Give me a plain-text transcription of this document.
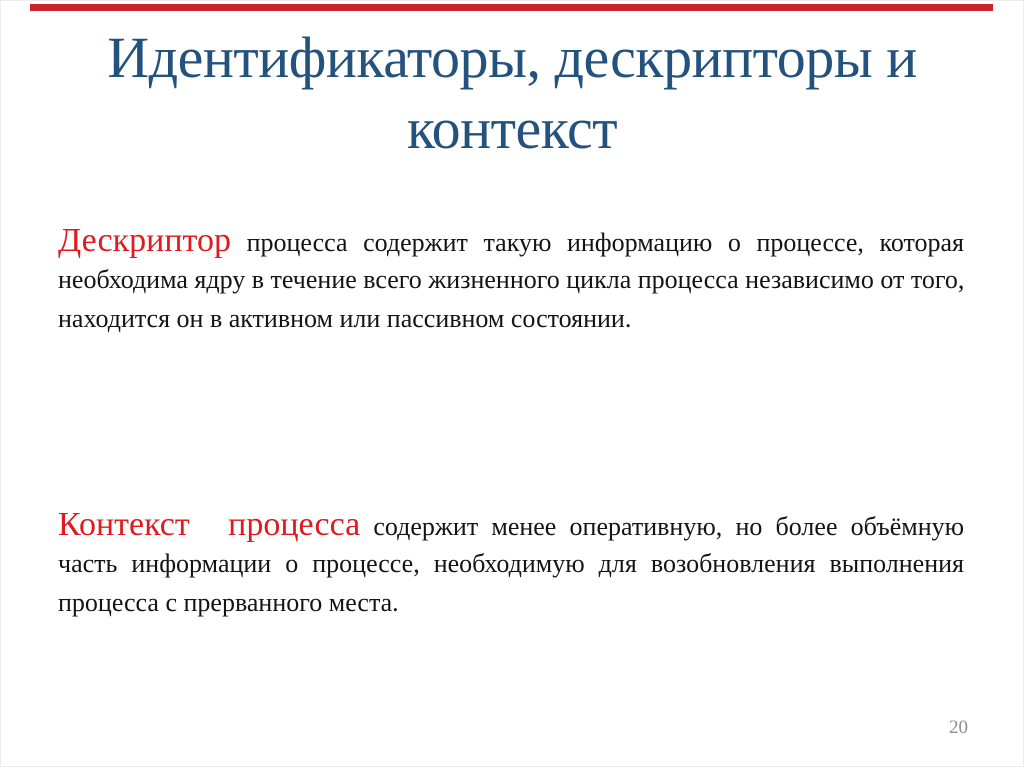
Идентификаторы, дескрипторы и
контекст
Дескриптор процесса содержит такую информацию о процессе, которая
необходима ядру в течение всего жизненного цикла процесса независимо от того,
находится он в активном или пассивном состоянии.
Контекст процесса содержит менее оперативную, но более объёмную
часть информации о процессе, необходимую для возобновления выполнения
процесса с прерванного места.
20
